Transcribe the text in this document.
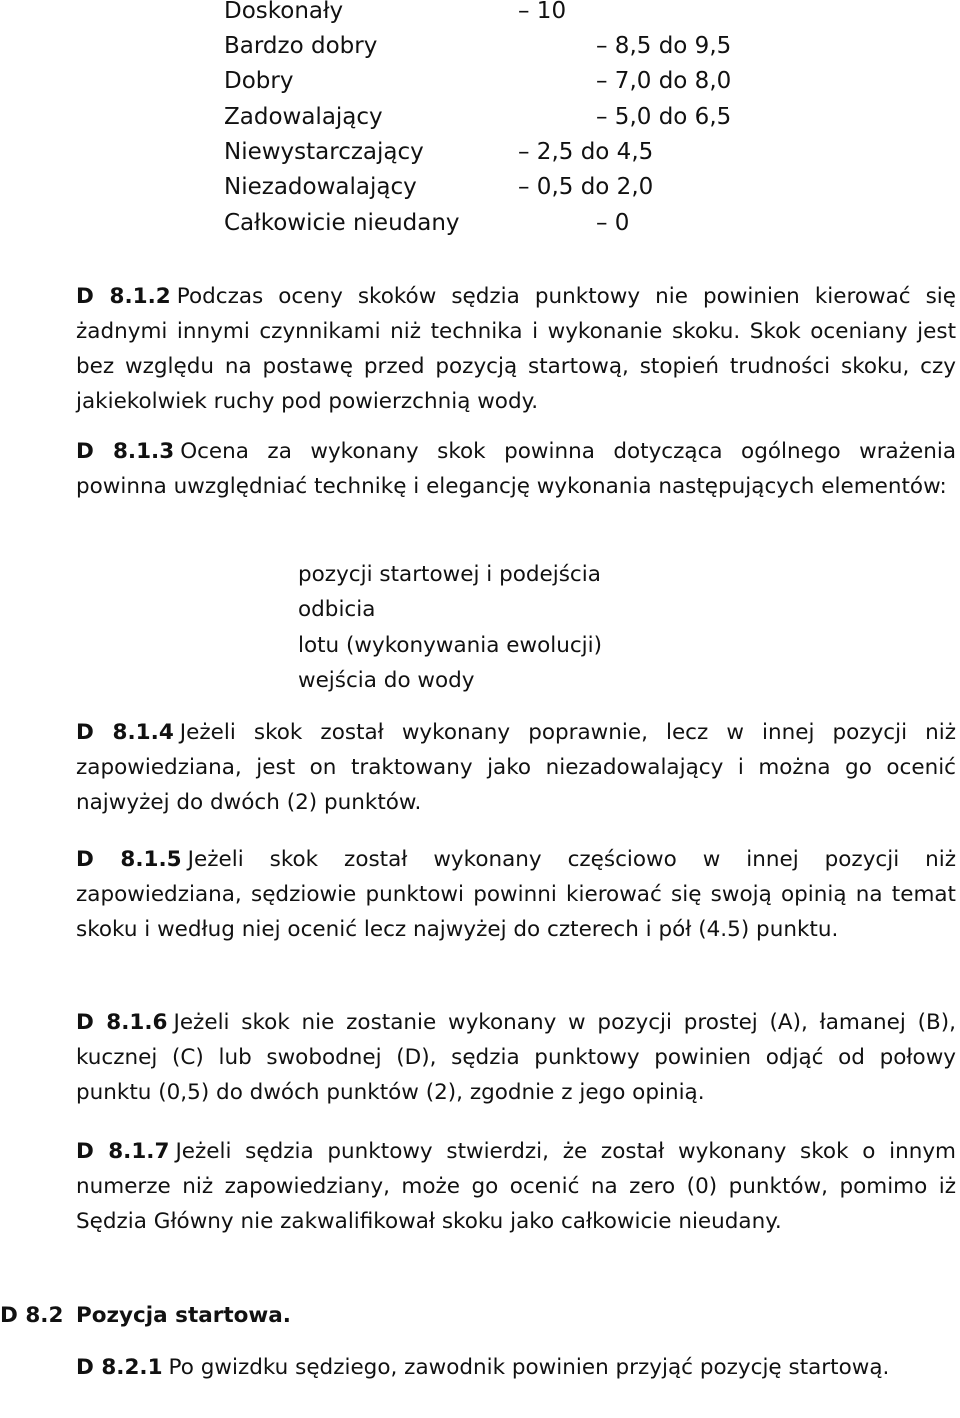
Doskonały	– 10
Bardzo dobry	– 8,5 do 9,5
Dobry	– 7,0 do 8,0
Zadowalający	– 5,0 do 6,5
Niewystarczający	– 2,5 do 4,5
Niezadowalający	– 0,5 do 2,0
Całkowicie nieudany	– 0
D 8.1.2 Podczas oceny skoków sędzia punktowy nie powinien kierować się żadnymi innymi czynnikami niż technika i wykonanie skoku. Skok oceniany jest bez względu na postawę przed pozycją startową, stopień trudności skoku, czy jakiekolwiek ruchy pod powierzchnią wody.
D 8.1.3 Ocena za wykonany skok powinna dotycząca ogólnego wrażenia powinna uwzględniać technikę i elegancję wykonania następujących elementów:
pozycji startowej i podejścia
odbicia
lotu (wykonywania ewolucji)
wejścia do wody
D 8.1.4 Jeżeli skok został wykonany poprawnie, lecz w innej pozycji niż zapowiedziana, jest on traktowany jako niezadowalający i można go ocenić najwyżej do dwóch (2) punktów.
D 8.1.5 Jeżeli skok został wykonany częściowo w innej pozycji niż zapowiedziana, sędziowie punktowi powinni kierować się swoją opinią na temat skoku i według niej ocenić lecz najwyżej do czterech i pół (4.5) punktu.
D 8.1.6 Jeżeli skok nie zostanie wykonany w pozycji prostej (A), łamanej (B), kucznej (C) lub swobodnej (D), sędzia punktowy powinien odjąć od połowy punktu (0,5) do dwóch punktów (2), zgodnie z jego opinią.
D 8.1.7 Jeżeli sędzia punktowy stwierdzi, że został wykonany skok o innym numerze niż zapowiedziany, może go ocenić na zero (0) punktów, pomimo iż Sędzia Główny nie zakwalifikował skoku jako całkowicie nieudany.
D 8.2 Pozycja startowa.
D 8.2.1 Po gwizdku sędziego, zawodnik powinien przyjąć pozycję startową.
